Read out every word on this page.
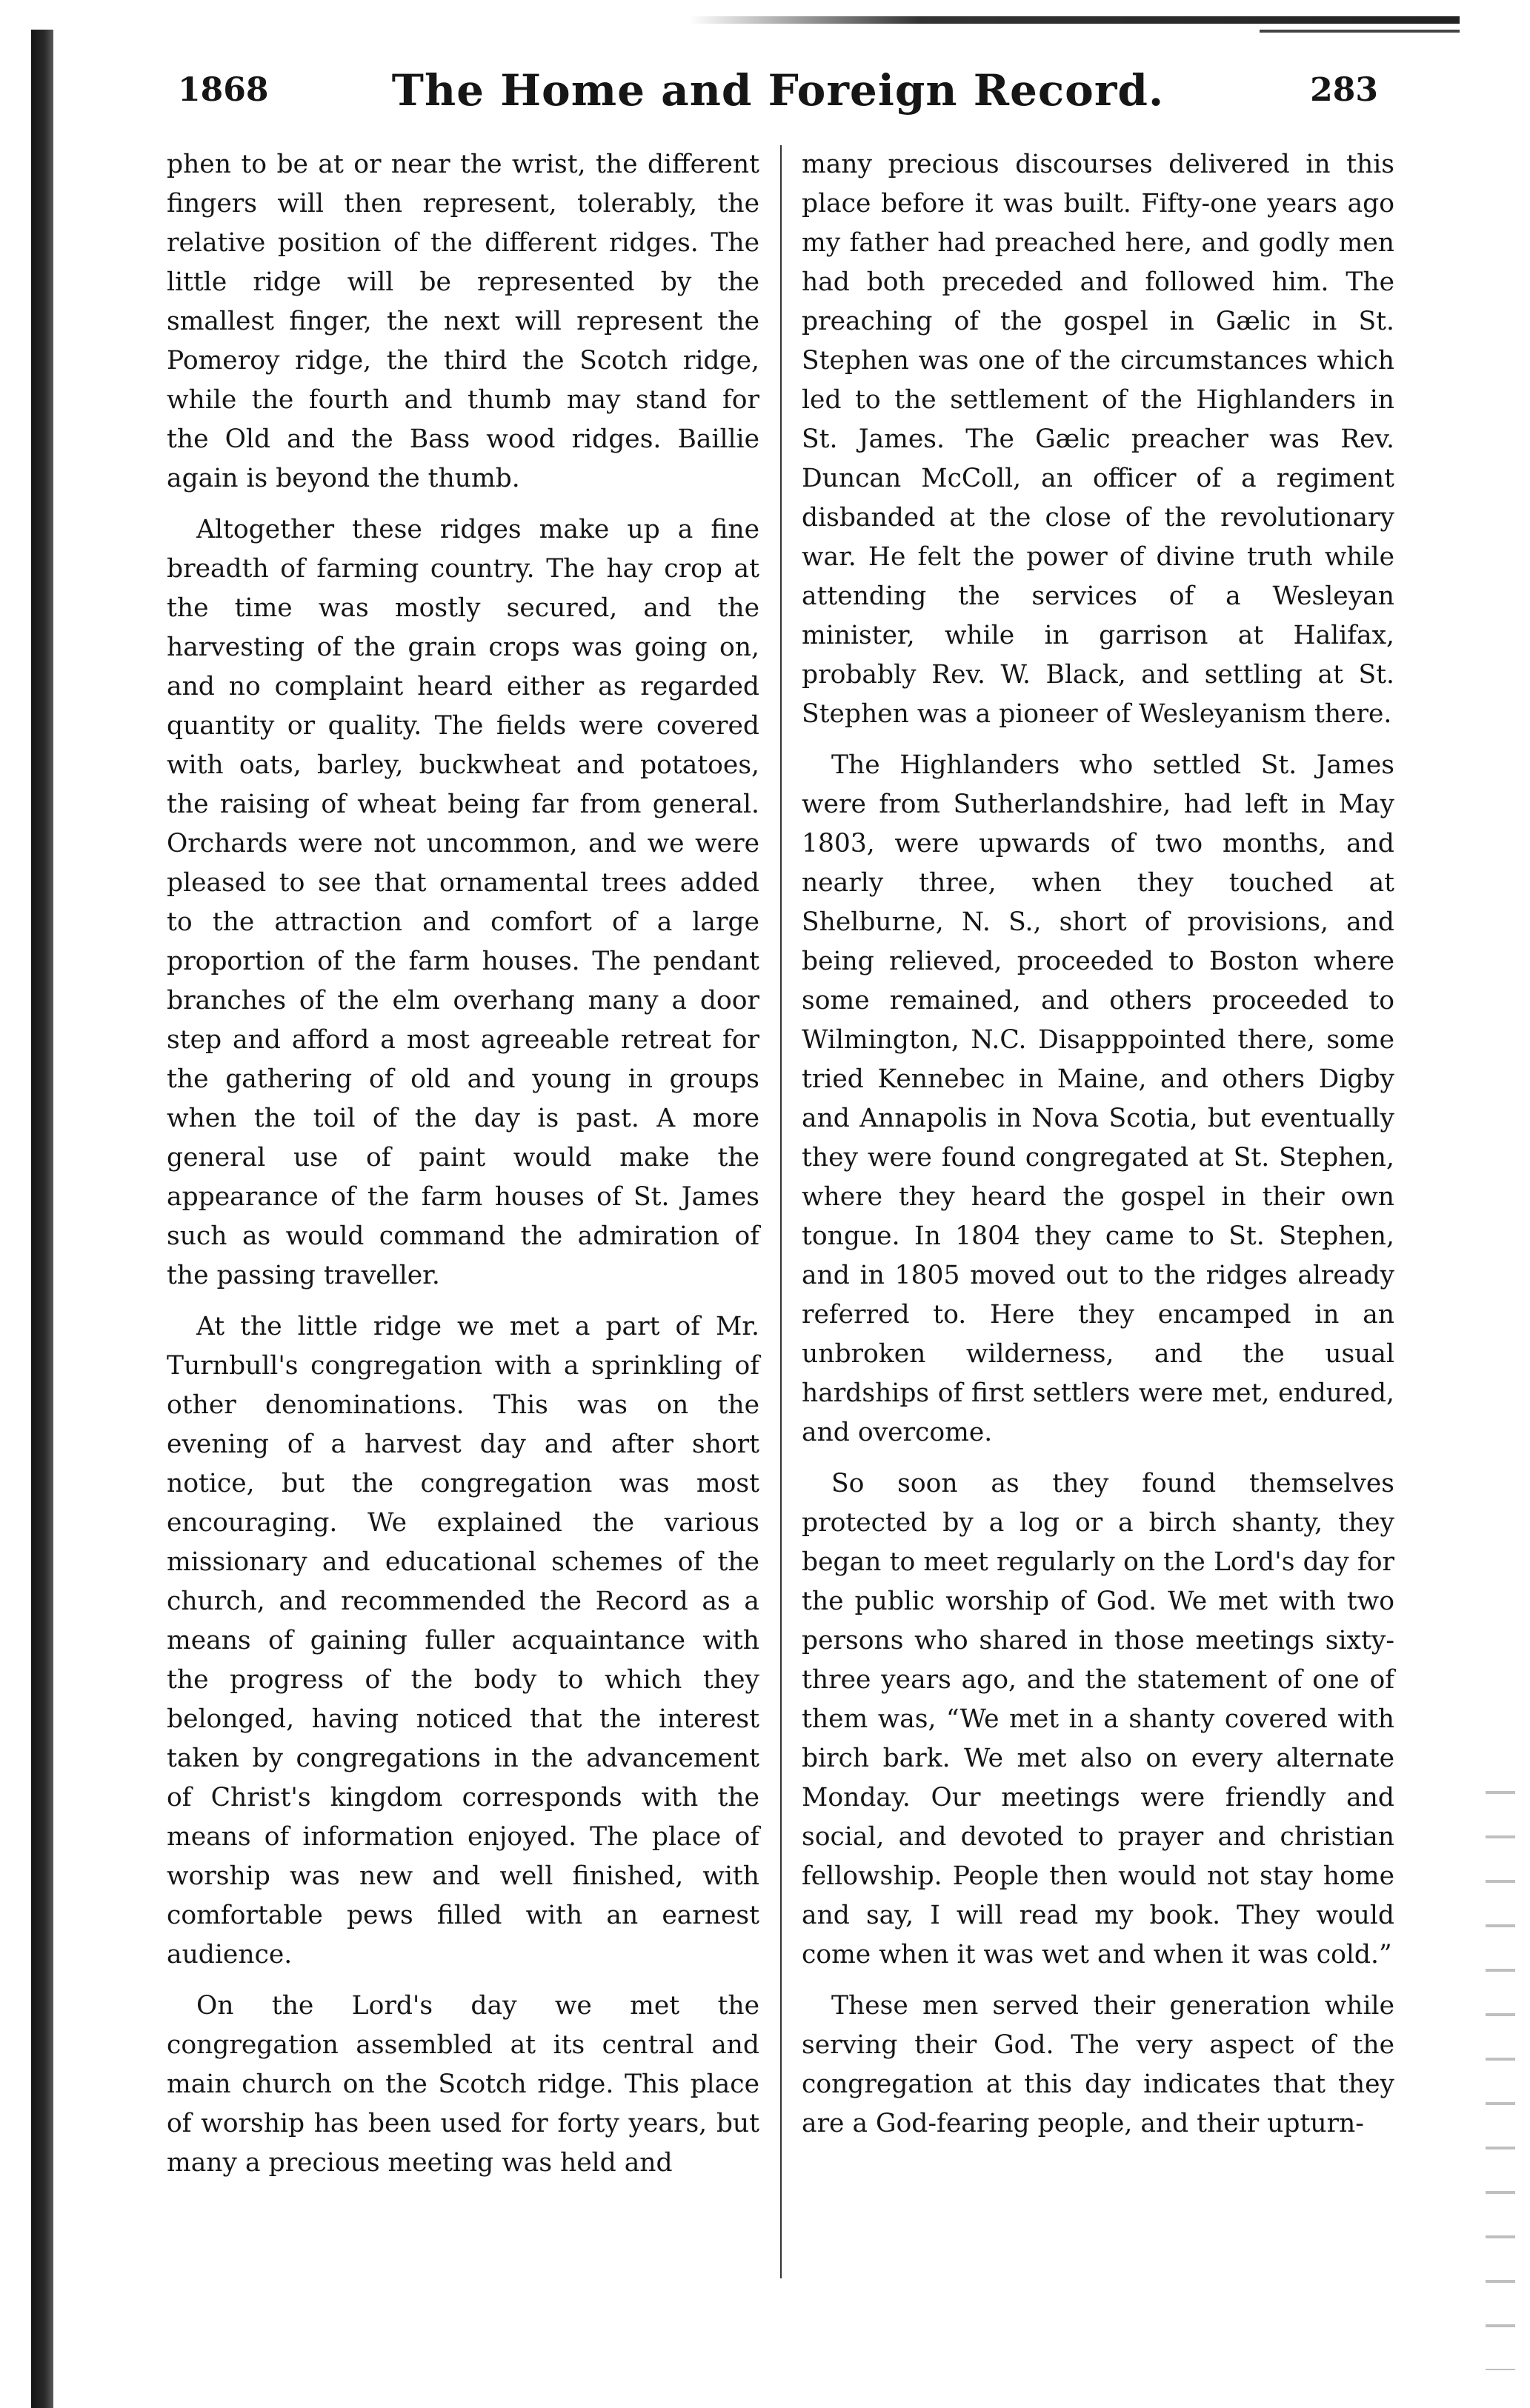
1868	The Home and Foreign Record.	283

phen to be at or near the wrist, the different fingers will then represent, tolerably, the relative position of the different ridges. The little ridge will be represented by the smallest finger, the next will represent the Pomeroy ridge, the third the Scotch ridge, while the fourth and thumb may stand for the Old and the Bass wood ridges. Baillie again is beyond the thumb.

Altogether these ridges make up a fine breadth of farming country. The hay crop at the time was mostly secured, and the harvesting of the grain crops was going on, and no complaint heard either as regarded quantity or quality. The fields were covered with oats, barley, buckwheat and potatoes, the raising of wheat being far from general. Orchards were not uncommon, and we were pleased to see that ornamental trees added to the attraction and comfort of a large proportion of the farm houses. The pendant branches of the elm overhang many a door step and afford a most agreeable retreat for the gathering of old and young in groups when the toil of the day is past. A more general use of paint would make the appearance of the farm houses of St. James such as would command the admiration of the passing traveller.

At the little ridge we met a part of Mr. Turnbull's congregation with a sprinkling of other denominations. This was on the evening of a harvest day and after short notice, but the congregation was most encouraging. We explained the various missionary and educational schemes of the church, and recommended the Record as a means of gaining fuller acquaintance with the progress of the body to which they belonged, having noticed that the interest taken by congregations in the advancement of Christ's kingdom corresponds with the means of information enjoyed. The place of worship was new and well finished, with comfortable pews filled with an earnest audience.

On the Lord's day we met the congregation assembled at its central and main church on the Scotch ridge. This place of worship has been used for forty years, but many a precious meeting was held and

many precious discourses delivered in this place before it was built. Fifty-one years ago my father had preached here, and godly men had both preceded and followed him. The preaching of the gospel in Gælic in St. Stephen was one of the circumstances which led to the settlement of the Highlanders in St. James. The Gælic preacher was Rev. Duncan McColl, an officer of a regiment disbanded at the close of the revolutionary war. He felt the power of divine truth while attending the services of a Wesleyan minister, while in garrison at Halifax, probably Rev. W. Black, and settling at St. Stephen was a pioneer of Wesleyanism there.

The Highlanders who settled St. James were from Sutherlandshire, had left in May 1803, were upwards of two months, and nearly three, when they touched at Shelburne, N. S., short of provisions, and being relieved, proceeded to Boston where some remained, and others proceeded to Wilmington, N.C. Disapppointed there, some tried Kennebec in Maine, and others Digby and Annapolis in Nova Scotia, but eventually they were found congregated at St. Stephen, where they heard the gospel in their own tongue. In 1804 they came to St. Stephen, and in 1805 moved out to the ridges already referred to. Here they encamped in an unbroken wilderness, and the usual hardships of first settlers were met, endured, and overcome.

So soon as they found themselves protected by a log or a birch shanty, they began to meet regularly on the Lord's day for the public worship of God. We met with two persons who shared in those meetings sixty-three years ago, and the statement of one of them was, “We met in a shanty covered with birch bark. We met also on every alternate Monday. Our meetings were friendly and social, and devoted to prayer and christian fellowship. People then would not stay home and say, I will read my book. They would come when it was wet and when it was cold.”

These men served their generation while serving their God. The very aspect of the congregation at this day indicates that they are a God-fearing people, and their upturn-
